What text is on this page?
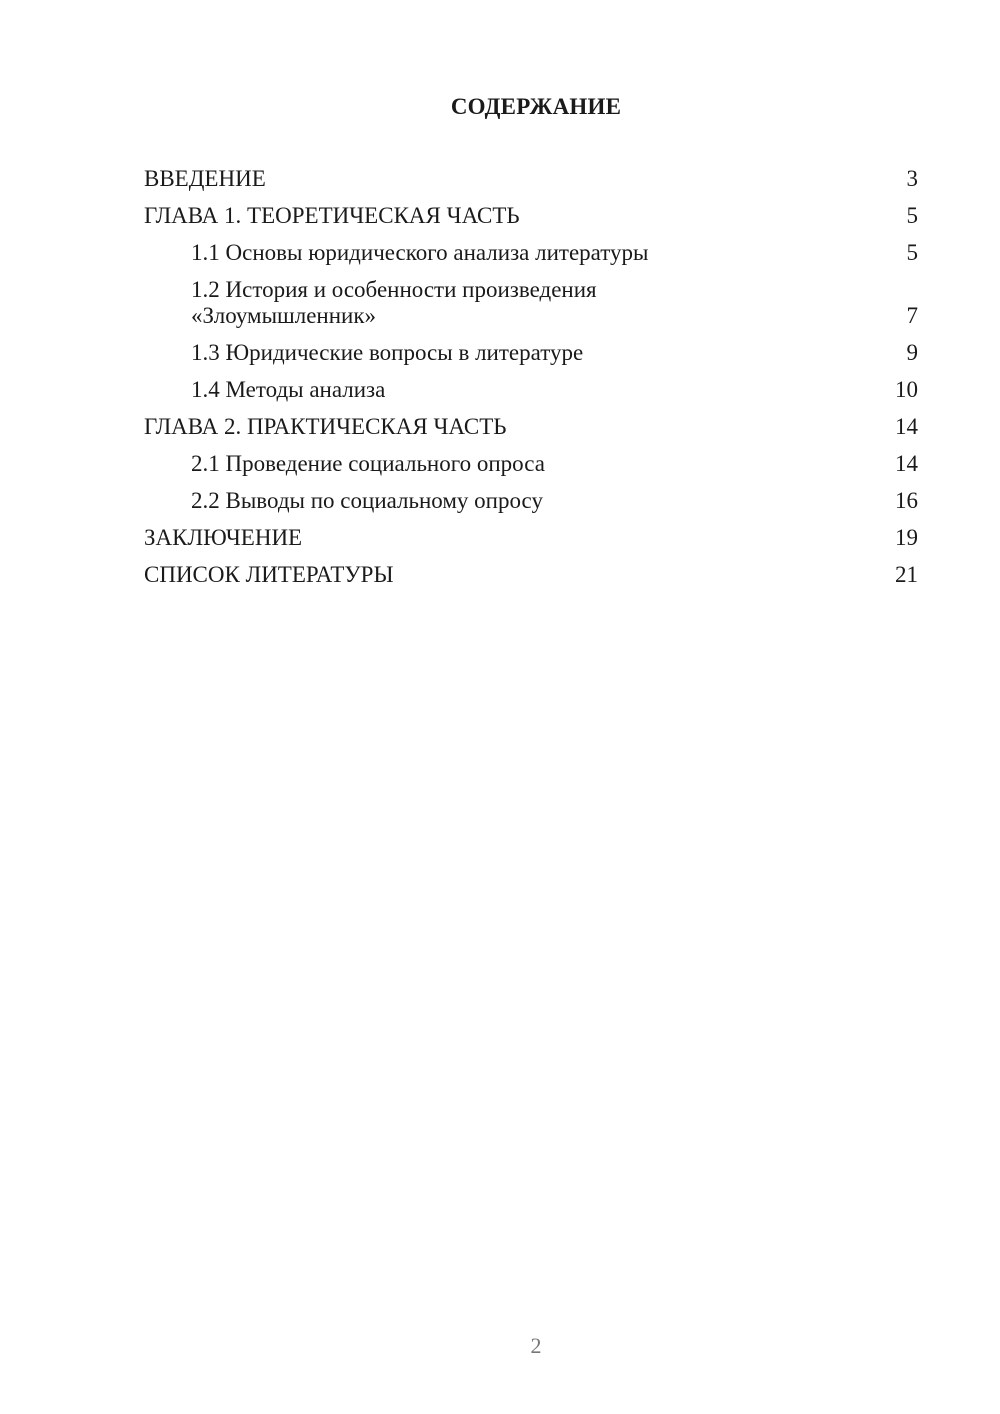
СОДЕРЖАНИЕ
ВВЕДЕНИЕ	3
ГЛАВА 1. ТЕОРЕТИЧЕСКАЯ ЧАСТЬ	5
1.1 Основы юридического анализа литературы	5
1.2 История и особенности произведения «Злоумышленник»	7
1.3 Юридические вопросы в литературе	9
1.4 Методы анализа	10
ГЛАВА 2. ПРАКТИЧЕСКАЯ ЧАСТЬ	14
2.1 Проведение социального опроса	14
2.2 Выводы по социальному опросу	16
ЗАКЛЮЧЕНИЕ	19
СПИСОК ЛИТЕРАТУРЫ	21
2
